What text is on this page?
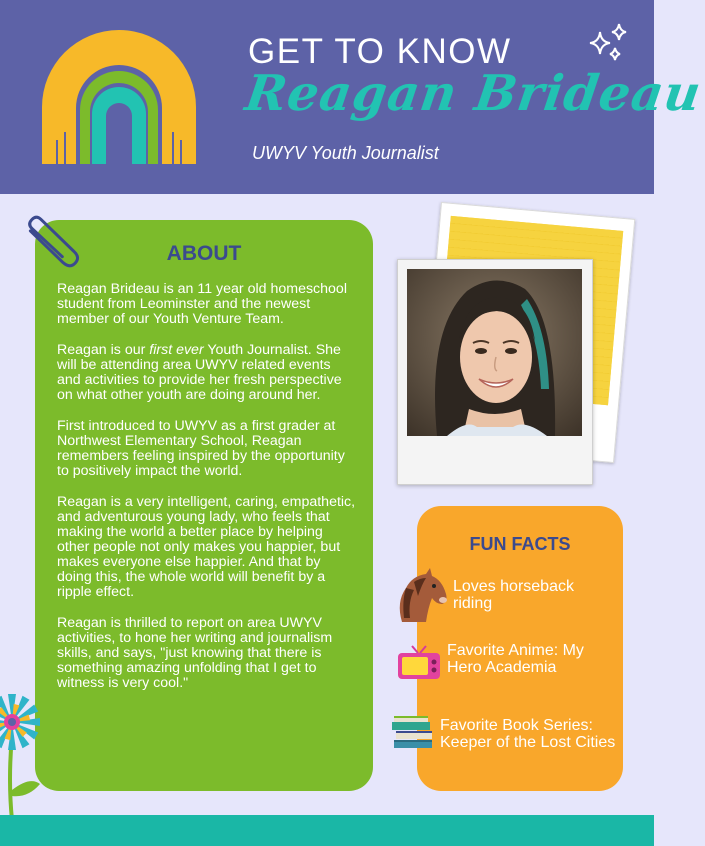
GET TO KNOW
Reagan Brideau
UWYV Youth Journalist
ABOUT

Reagan Brideau is an 11 year old homeschool student from Leominster and the newest member of our Youth Venture Team.

Reagan is our first ever Youth Journalist. She will be attending area UWYV related events and activities to provide her fresh perspective on what other youth are doing around her.

First introduced to UWYV as a first grader at Northwest Elementary School, Reagan remembers feeling inspired by the opportunity to positively impact the world.

Reagan is a very intelligent, caring, empathetic, and adventurous young lady, who feels that making the world a better place by helping other people not only makes you happier, but makes everyone else happier. And that by doing this, the whole world will benefit by a ripple effect.

Reagan is thrilled to report on area UWYV activities, to hone her writing and journalism skills, and says, "just knowing that there is something amazing unfolding that I get to witness is very cool."

FUN FACTS
Loves horseback riding
Favorite Anime: My Hero Academia
Favorite Book Series: Keeper of the Lost Cities
